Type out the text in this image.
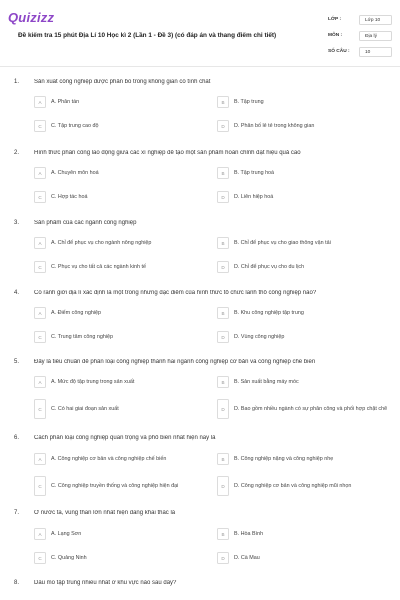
Quizizz
Đề kiểm tra 15 phút Địa Lí 10 Học kì 2 (Lần 1 - Đề 3) (có đáp án và thang điểm chi tiết)
LỚP :	Lớp 10
MÔN :	Địa lý
SỐ CÂU :	10
1. Sản xuất công nghiệp được phân bố trong không gian có tính chất
A	A. Phân tán	B	B. Tập trung
C	C. Tập trung cao độ	D	D. Phân bố lẻ tẻ trong không gian
2. Hình thức phân công lao động giữa các xí nghiệp để tạo một sản phẩm hoàn chỉnh đạt hiệu quả cao
A	A. Chuyên môn hoá	B	B. Tập trung hoá
C	C. Hợp tác hoá	D	D. Liên hiệp hoá
3. Sản phẩm của các ngành công nghiệp
A	A. Chỉ để phục vụ cho ngành nông nghiệp	B	B. Chỉ để phục vụ cho giao thông vận tải
C	C. Phục vụ cho tất cả các ngành kinh tế	D	D. Chỉ để phục vụ cho du lịch
4. Có ranh giới địa lí xác định là một trong những đặc điểm của hình thức tổ chức lãnh thổ công nghiệp nào?
A	A. Điểm công nghiệp	B	B. Khu công nghiệp tập trung
C	C. Trung tâm công nghiệp	D	D. Vùng công nghiệp
5. Đây là tiêu chuẩn để phân loại công nghiệp thành hai ngành công nghiệp cơ bản và công nghiệp chế biến
A	A. Mức độ tập trung trong sản xuất	B	B. Sản xuất bằng máy móc
C	C. Có hai giai đoạn sản xuất	D	D. Bao gồm nhiều ngành có sự phân công và phối hợp chặt chẽ
6. Cách phân loại công nghiệp quan trọng và phổ biến nhất hiện nay là
A	A. Công nghiệp cơ bản và công nghiệp chế biến	B	B. Công nghiệp nặng và công nghiệp nhẹ
C	C. Công nghiệp truyền thống và công nghiệp hiện đại	D	D. Công nghiệp cơ bản và công nghiệp mũi nhọn
7. Ở nước ta, vùng than lớn nhất hiện đang khai thác là
A	A. Lạng Sơn	B	B. Hòa Bình
C	C. Quảng Ninh	D	D. Cà Mau
8. Dầu mỏ tập trung nhiều nhất ở khu vực nào sau đây?
